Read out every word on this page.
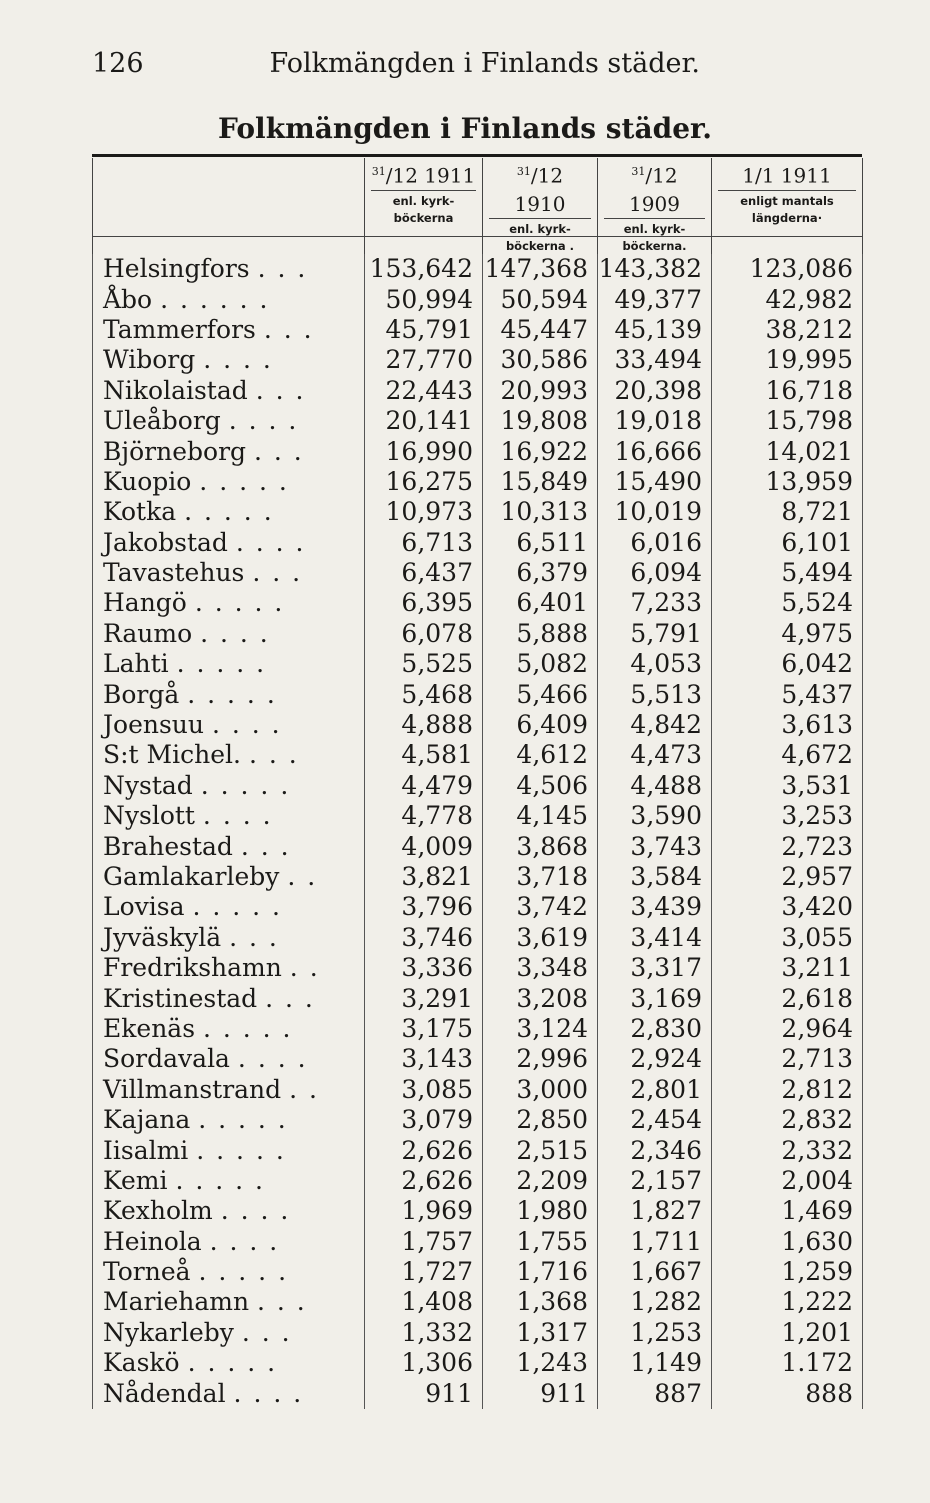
126	Folkmängden i Finlands städer.
Folkmängden i Finlands städer.

$^{31}$/12 1911
enl. kyrk-
böckerna

$^{31}$/12 1910
enl. kyrk-
böckerna .

$^{31}$/12 1909
enl. kyrk-
böckerna.

1/1 1911
enligt mantals
längderna·
Helsingfors . . .	153,642	147,368	143,382	123,086
Åbo . . . . . .	50,994	50,594	49,377	42,982
Tammerfors . . .	45,791	45,447	45,139	38,212
Wiborg . . . .	27,770	30,586	33,494	19,995
Nikolaistad . . .	22,443	20,993	20,398	16,718
Uleåborg . . . .	20,141	19,808	19,018	15,798
Björneborg . . .	16,990	16,922	16,666	14,021
Kuopio . . . . .	16,275	15,849	15,490	13,959
Kotka . . . . .	10,973	10,313	10,019	8,721
Jakobstad . . . .	6,713	6,511	6,016	6,101
Tavastehus . . .	6,437	6,379	6,094	5,494
Hangö . . . . .	6,395	6,401	7,233	5,524
Raumo . . . .	6,078	5,888	5,791	4,975
Lahti . . . . .	5,525	5,082	4,053	6,042
Borgå . . . . .	5,468	5,466	5,513	5,437
Joensuu . . . .	4,888	6,409	4,842	3,613
S:t Michel. . . .	4,581	4,612	4,473	4,672
Nystad . . . . .	4,479	4,506	4,488	3,531
Nyslott . . . .	4,778	4,145	3,590	3,253
Brahestad . . .	4,009	3,868	3,743	2,723
Gamlakarleby . .	3,821	3,718	3,584	2,957
Lovisa . . . . .	3,796	3,742	3,439	3,420
Jyväskylä . . .	3,746	3,619	3,414	3,055
Fredrikshamn . .	3,336	3,348	3,317	3,211
Kristinestad . . .	3,291	3,208	3,169	2,618
Ekenäs . . . . .	3,175	3,124	2,830	2,964
Sordavala . . . .	3,143	2,996	2,924	2,713
Villmanstrand . .	3,085	3,000	2,801	2,812
Kajana . . . . .	3,079	2,850	2,454	2,832
Iisalmi . . . . .	2,626	2,515	2,346	2,332
Kemi . . . . .	2,626	2,209	2,157	2,004
Kexholm . . . .	1,969	1,980	1,827	1,469
Heinola . . . .	1,757	1,755	1,711	1,630
Torneå . . . . .	1,727	1,716	1,667	1,259
Mariehamn . . .	1,408	1,368	1,282	1,222
Nykarleby . . .	1,332	1,317	1,253	1,201
Kaskö . . . . .	1,306	1,243	1,149	1.172
Nådendal . . . .	911	911	887	888
